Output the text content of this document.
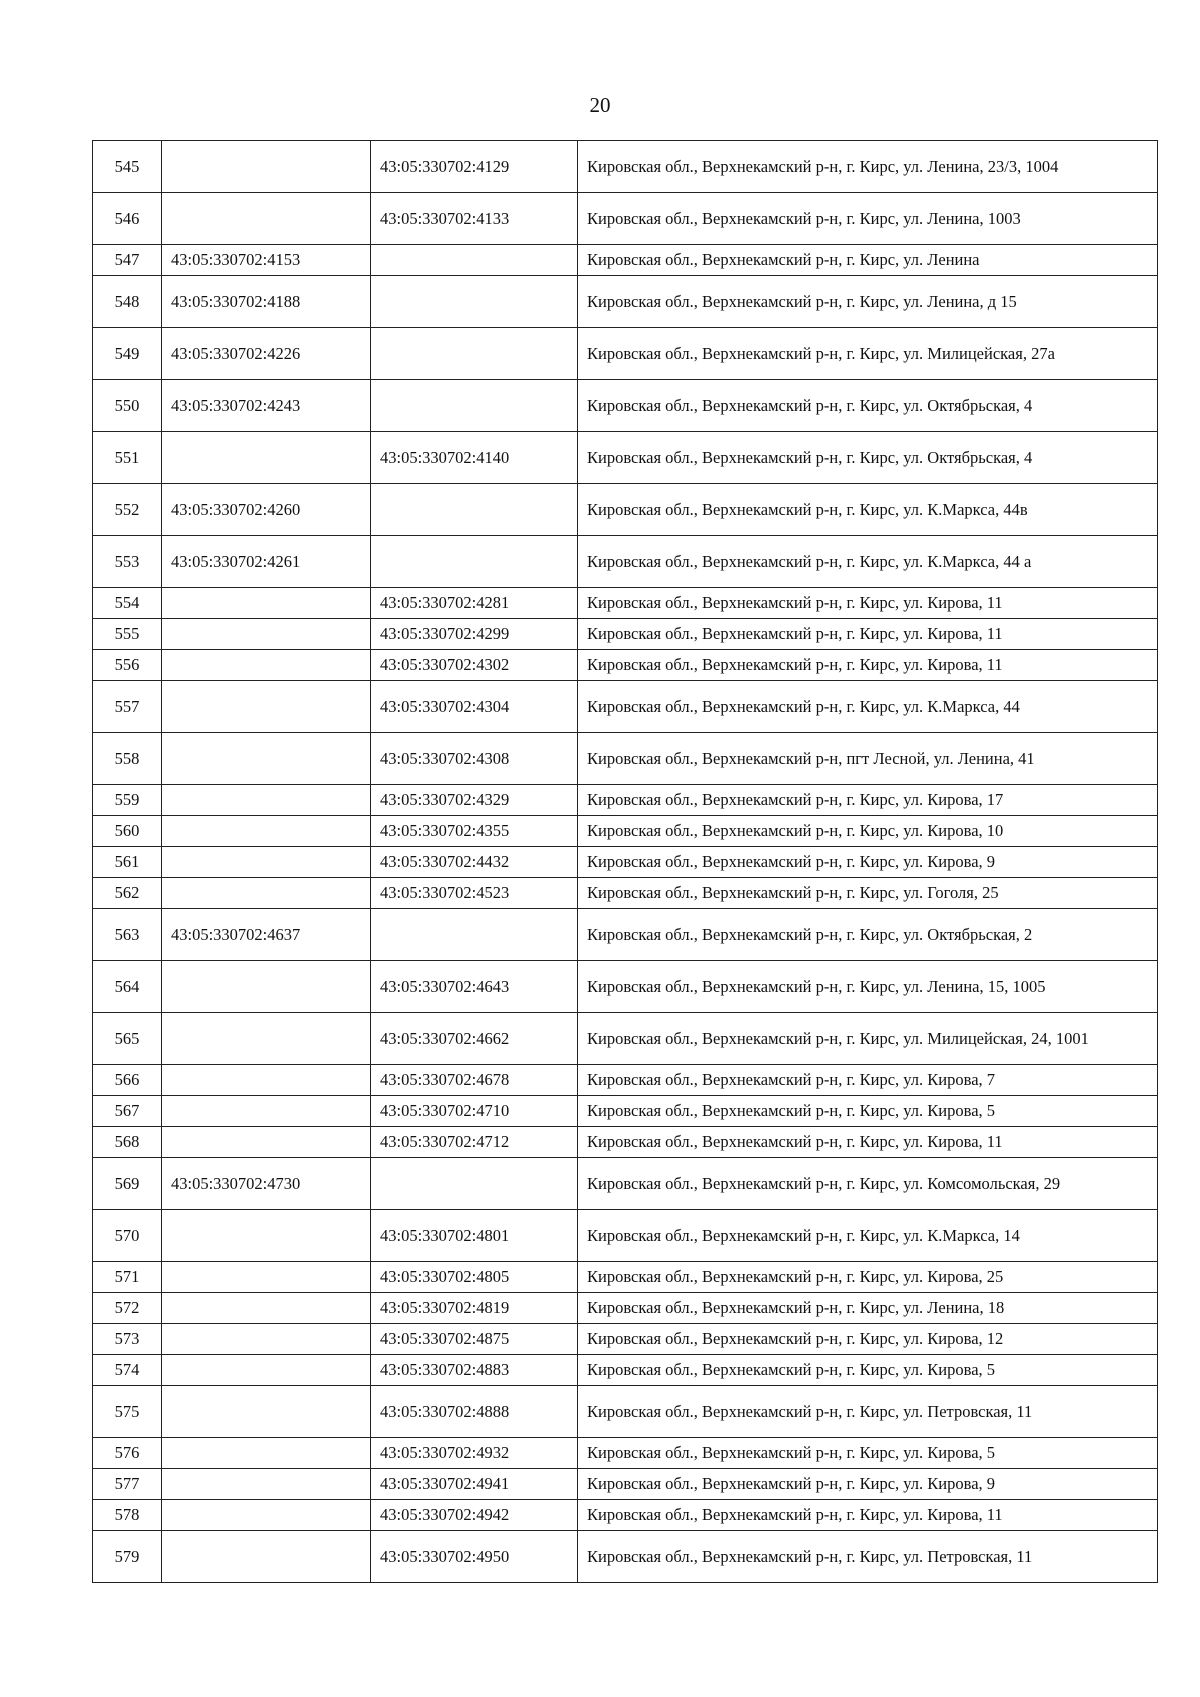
20
545		43:05:330702:4129	Кировская обл., Верхнекамский р-н, г. Кирс, ул. Ленина, 23/3, 1004
546		43:05:330702:4133	Кировская обл., Верхнекамский р-н, г. Кирс, ул. Ленина, 1003
547	43:05:330702:4153		Кировская обл., Верхнекамский р-н, г. Кирс, ул. Ленина
548	43:05:330702:4188		Кировская обл., Верхнекамский р-н, г. Кирс, ул. Ленина, д 15
549	43:05:330702:4226		Кировская обл., Верхнекамский р-н, г. Кирс, ул. Милицейская, 27а
550	43:05:330702:4243		Кировская обл., Верхнекамский р-н, г. Кирс, ул. Октябрьская, 4
551		43:05:330702:4140	Кировская обл., Верхнекамский р-н, г. Кирс, ул. Октябрьская, 4
552	43:05:330702:4260		Кировская обл., Верхнекамский р-н, г. Кирс, ул. К.Маркса, 44в
553	43:05:330702:4261		Кировская обл., Верхнекамский р-н, г. Кирс, ул. К.Маркса, 44 а
554		43:05:330702:4281	Кировская обл., Верхнекамский р-н, г. Кирс, ул. Кирова, 11
555		43:05:330702:4299	Кировская обл., Верхнекамский р-н, г. Кирс, ул. Кирова, 11
556		43:05:330702:4302	Кировская обл., Верхнекамский р-н, г. Кирс, ул. Кирова, 11
557		43:05:330702:4304	Кировская обл., Верхнекамский р-н, г. Кирс, ул. К.Маркса, 44
558		43:05:330702:4308	Кировская обл., Верхнекамский р-н, пгт Лесной, ул. Ленина, 41
559		43:05:330702:4329	Кировская обл., Верхнекамский р-н, г. Кирс, ул. Кирова, 17
560		43:05:330702:4355	Кировская обл., Верхнекамский р-н, г. Кирс, ул. Кирова, 10
561		43:05:330702:4432	Кировская обл., Верхнекамский р-н, г. Кирс, ул. Кирова, 9
562		43:05:330702:4523	Кировская обл., Верхнекамский р-н, г. Кирс, ул. Гоголя, 25
563	43:05:330702:4637		Кировская обл., Верхнекамский р-н, г. Кирс, ул. Октябрьская, 2
564		43:05:330702:4643	Кировская обл., Верхнекамский р-н, г. Кирс, ул. Ленина, 15, 1005
565		43:05:330702:4662	Кировская обл., Верхнекамский р-н, г. Кирс, ул. Милицейская, 24, 1001
566		43:05:330702:4678	Кировская обл., Верхнекамский р-н, г. Кирс, ул. Кирова, 7
567		43:05:330702:4710	Кировская обл., Верхнекамский р-н, г. Кирс, ул. Кирова, 5
568		43:05:330702:4712	Кировская обл., Верхнекамский р-н, г. Кирс, ул. Кирова, 11
569	43:05:330702:4730		Кировская обл., Верхнекамский р-н, г. Кирс, ул. Комсомольская, 29
570		43:05:330702:4801	Кировская обл., Верхнекамский р-н, г. Кирс, ул. К.Маркса, 14
571		43:05:330702:4805	Кировская обл., Верхнекамский р-н, г. Кирс, ул. Кирова, 25
572		43:05:330702:4819	Кировская обл., Верхнекамский р-н, г. Кирс, ул. Ленина, 18
573		43:05:330702:4875	Кировская обл., Верхнекамский р-н, г. Кирс, ул. Кирова, 12
574		43:05:330702:4883	Кировская обл., Верхнекамский р-н, г. Кирс, ул. Кирова, 5
575		43:05:330702:4888	Кировская обл., Верхнекамский р-н, г. Кирс, ул. Петровская, 11
576		43:05:330702:4932	Кировская обл., Верхнекамский р-н, г. Кирс, ул. Кирова, 5
577		43:05:330702:4941	Кировская обл., Верхнекамский р-н, г. Кирс, ул. Кирова, 9
578		43:05:330702:4942	Кировская обл., Верхнекамский р-н, г. Кирс, ул. Кирова, 11
579		43:05:330702:4950	Кировская обл., Верхнекамский р-н, г. Кирс, ул. Петровская, 11
